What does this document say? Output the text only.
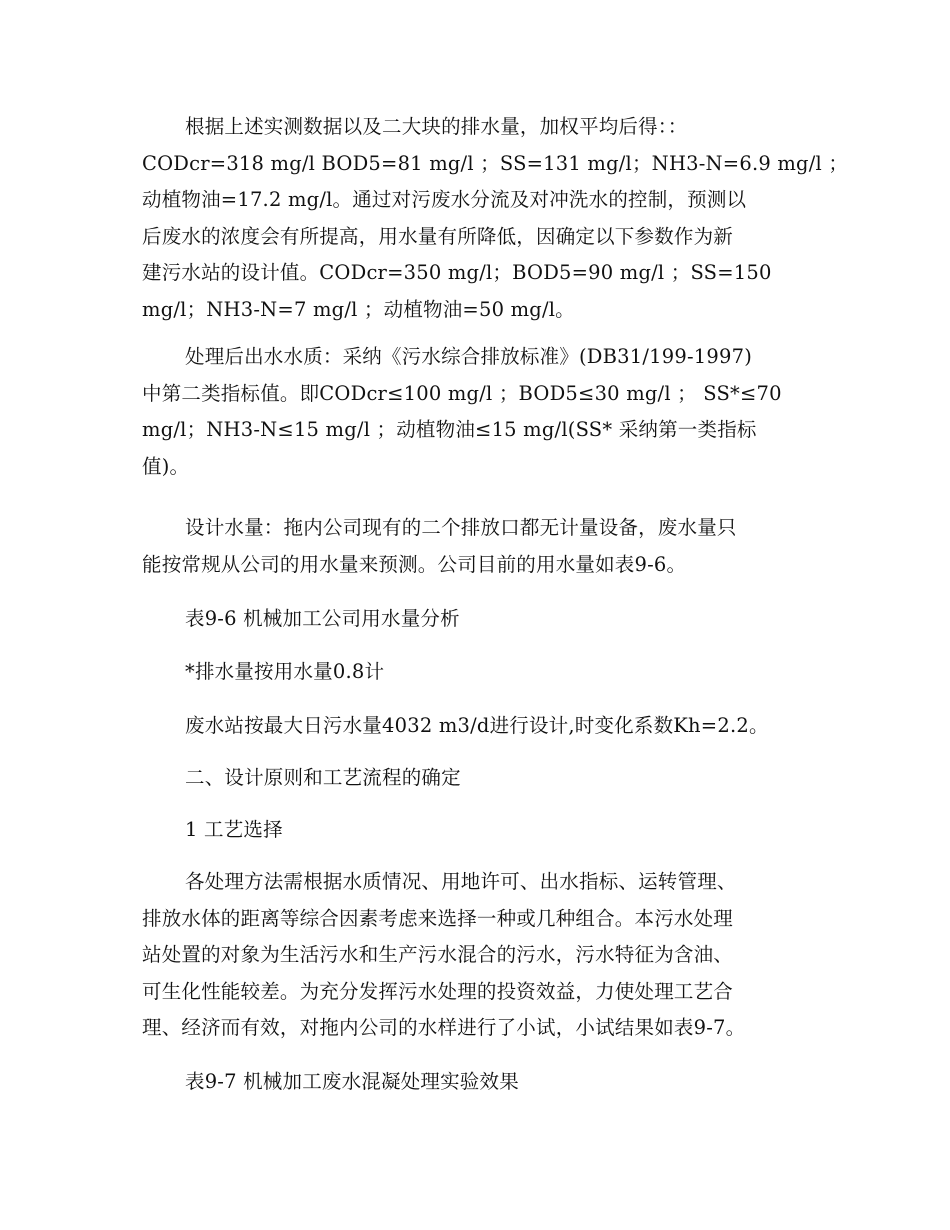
根据上述实测数据以及二大块的排水量，加权平均后得：：
CODcr=318 mg/l BOD5=81 mg/l ；SS=131 mg/l；NH3-N=6.9 mg/l ；
动植物油=17.2 mg/l。通过对污废水分流及对冲洗水的控制，预测以
后废水的浓度会有所提高，用水量有所降低，因确定以下参数作为新
建污水站的设计值。CODcr=350 mg/l；BOD5=90 mg/l ；SS=150
mg/l；NH3-N=7 mg/l ；动植物油=50 mg/l。
处理后出水水质：采纳《污水综合排放标准》(DB31/199-1997)
中第二类指标值。即CODcr≤100 mg/l ；BOD5≤30 mg/l ； SS*≤70
mg/l；NH3-N≤15 mg/l ；动植物油≤15 mg/l(SS* 采纳第一类指标
值)。
设计水量：拖内公司现有的二个排放口都无计量设备，废水量只
能按常规从公司的用水量来预测。公司目前的用水量如表9-6。
表9-6 机械加工公司用水量分析
*排水量按用水量0.8计
废水站按最大日污水量4032 m3/d进行设计,时变化系数Kh=2.2。
二、设计原则和工艺流程的确定
1 工艺选择
各处理方法需根据水质情况、用地许可、出水指标、运转管理、
排放水体的距离等综合因素考虑来选择一种或几种组合。本污水处理
站处置的对象为生活污水和生产污水混合的污水，污水特征为含油、
可生化性能较差。为充分发挥污水处理的投资效益，力使处理工艺合
理、经济而有效，对拖内公司的水样进行了小试，小试结果如表9-7。
表9-7 机械加工废水混凝处理实验效果
